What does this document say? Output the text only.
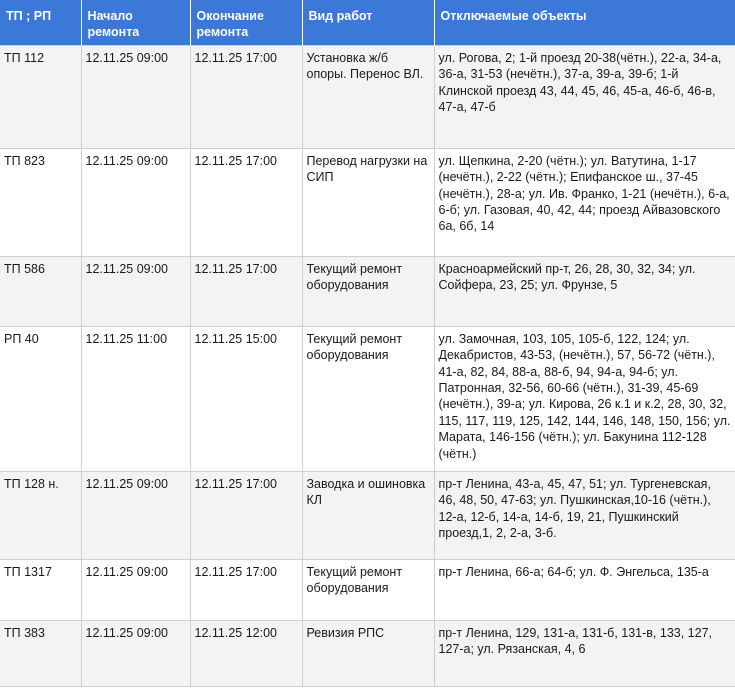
ТП ; РП	Начало ремонта	Окончание ремонта	Вид работ	Отключаемые объекты
ТП 112	12.11.25 09:00	12.11.25 17:00	Установка ж/б опоры. Перенос ВЛ.	ул. Рогова, 2; 1-й проезд 20-38(чётн.), 22-а, 34-а, 36-а, 31-53 (нечётн.), 37-а, 39-а, 39-б; 1-й Клинской проезд 43, 44, 45, 46, 45-а, 46-б, 46-в, 47-а, 47-б
ТП 823	12.11.25 09:00	12.11.25 17:00	Перевод нагрузки на СИП	ул. Щепкина, 2-20 (чётн.); ул. Ватутина, 1-17 (нечётн.), 2-22 (чётн.); Епифанское ш., 37-45 (нечётн.), 28-а; ул. Ив. Франко, 1-21 (нечётн.), 6-а, 6-б; ул. Газовая, 40, 42, 44; проезд Айвазовского 6а, 6б, 14
ТП 586	12.11.25 09:00	12.11.25 17:00	Текущий ремонт оборудования	Красноармейский пр-т, 26, 28, 30, 32, 34; ул. Сойфера, 23, 25; ул. Фрунзе, 5
РП 40	12.11.25 11:00	12.11.25 15:00	Текущий ремонт оборудования	ул. Замочная, 103, 105, 105-б, 122, 124; ул. Декабристов, 43-53, (нечётн.), 57, 56-72 (чётн.), 41-а, 82, 84, 88-а, 88-б, 94, 94-а, 94-б; ул. Патронная, 32-56, 60-66 (чётн.), 31-39, 45-69 (нечётн.), 39-а; ул. Кирова, 26 к.1 и к.2, 28, 30, 32, 115, 117, 119, 125, 142, 144, 146, 148, 150, 156; ул. Марата, 146-156 (чётн.); ул. Бакунина 112-128 (чётн.)
ТП 128 н.	12.11.25 09:00	12.11.25 17:00	Заводка и ошиновка КЛ	пр-т Ленина, 43-а, 45, 47, 51; ул. Тургеневская, 46, 48, 50, 47-63; ул. Пушкинская,10-16 (чётн.), 12-а, 12-б, 14-а, 14-б, 19, 21, Пушкинский проезд,1, 2, 2-а, 3-б.
ТП 1317	12.11.25 09:00	12.11.25 17:00	Текущий ремонт оборудования	пр-т Ленина, 66-а; 64-б; ул. Ф. Энгельса, 135-а
ТП 383	12.11.25 09:00	12.11.25 12:00	Ревизия РПС	пр-т Ленина, 129, 131-а, 131-б, 131-в, 133, 127, 127-а; ул. Рязанская, 4, 6
